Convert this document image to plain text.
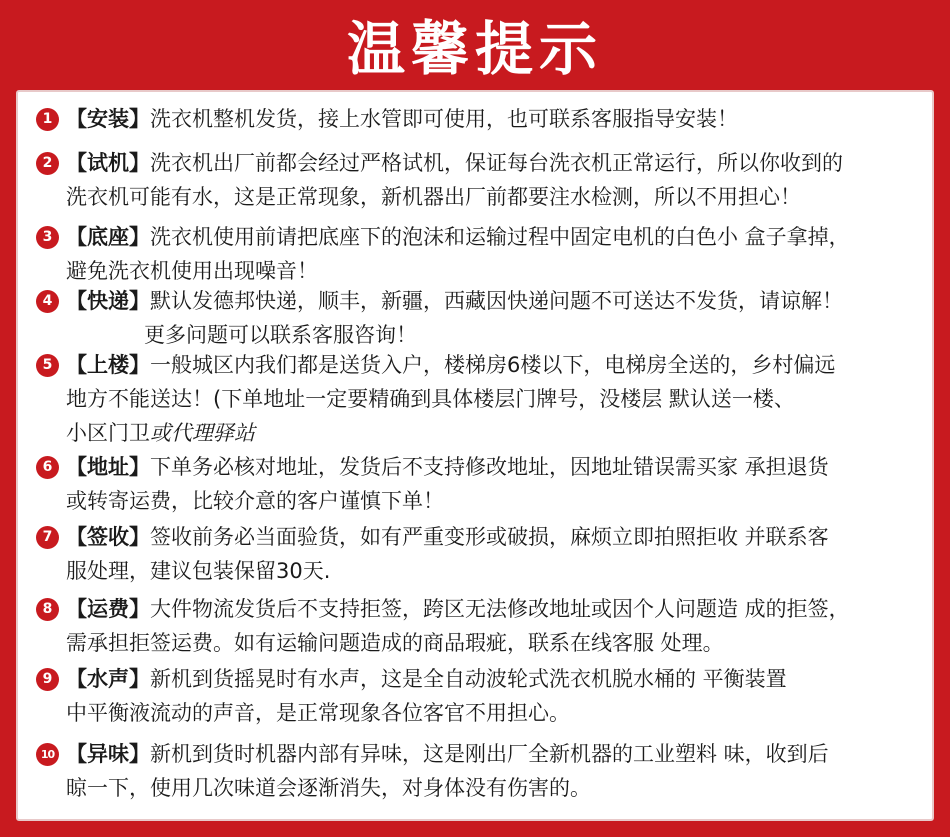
温馨提示
1 【安装】洗衣机整机发货，接上水管即可使用，也可联系客服指导安装！
2 【试机】洗衣机出厂前都会经过严格试机，保证每台洗衣机正常运行，所以你收到的
洗衣机可能有水，这是正常现象，新机器出厂前都要注水检测，所以不用担心！
3 【底座】洗衣机使用前请把底座下的泡沫和运输过程中固定电机的白色小 盒子拿掉，
避免洗衣机使用出现噪音！
4 【快递】默认发德邦快递，顺丰，新疆，西藏因快递问题不可送达不发货，请谅解！
更多问题可以联系客服咨询！
5 【上楼】一般城区内我们都是送货入户，楼梯房6楼以下，电梯房全送的，乡村偏远
地方不能送达！(下单地址一定要精确到具体楼层门牌号，没楼层 默认送一楼、
小区门卫或代理驿站
6 【地址】下单务必核对地址，发货后不支持修改地址，因地址错误需买家 承担退货
或转寄运费，比较介意的客户谨慎下单！
7 【签收】签收前务必当面验货，如有严重变形或破损，麻烦立即拍照拒收 并联系客
服处理，建议包装保留30天.
8 【运费】大件物流发货后不支持拒签，跨区无法修改地址或因个人问题造 成的拒签，
需承担拒签运费。如有运输问题造成的商品瑕疵，联系在线客服 处理。
9 【水声】新机到货摇晃时有水声，这是全自动波轮式洗衣机脱水桶的 平衡装置
中平衡液流动的声音，是正常现象各位客官不用担心。
10 【异味】新机到货时机器内部有异味，这是刚出厂全新机器的工业塑料 味，收到后
晾一下，使用几次味道会逐渐消失，对身体没有伤害的。
